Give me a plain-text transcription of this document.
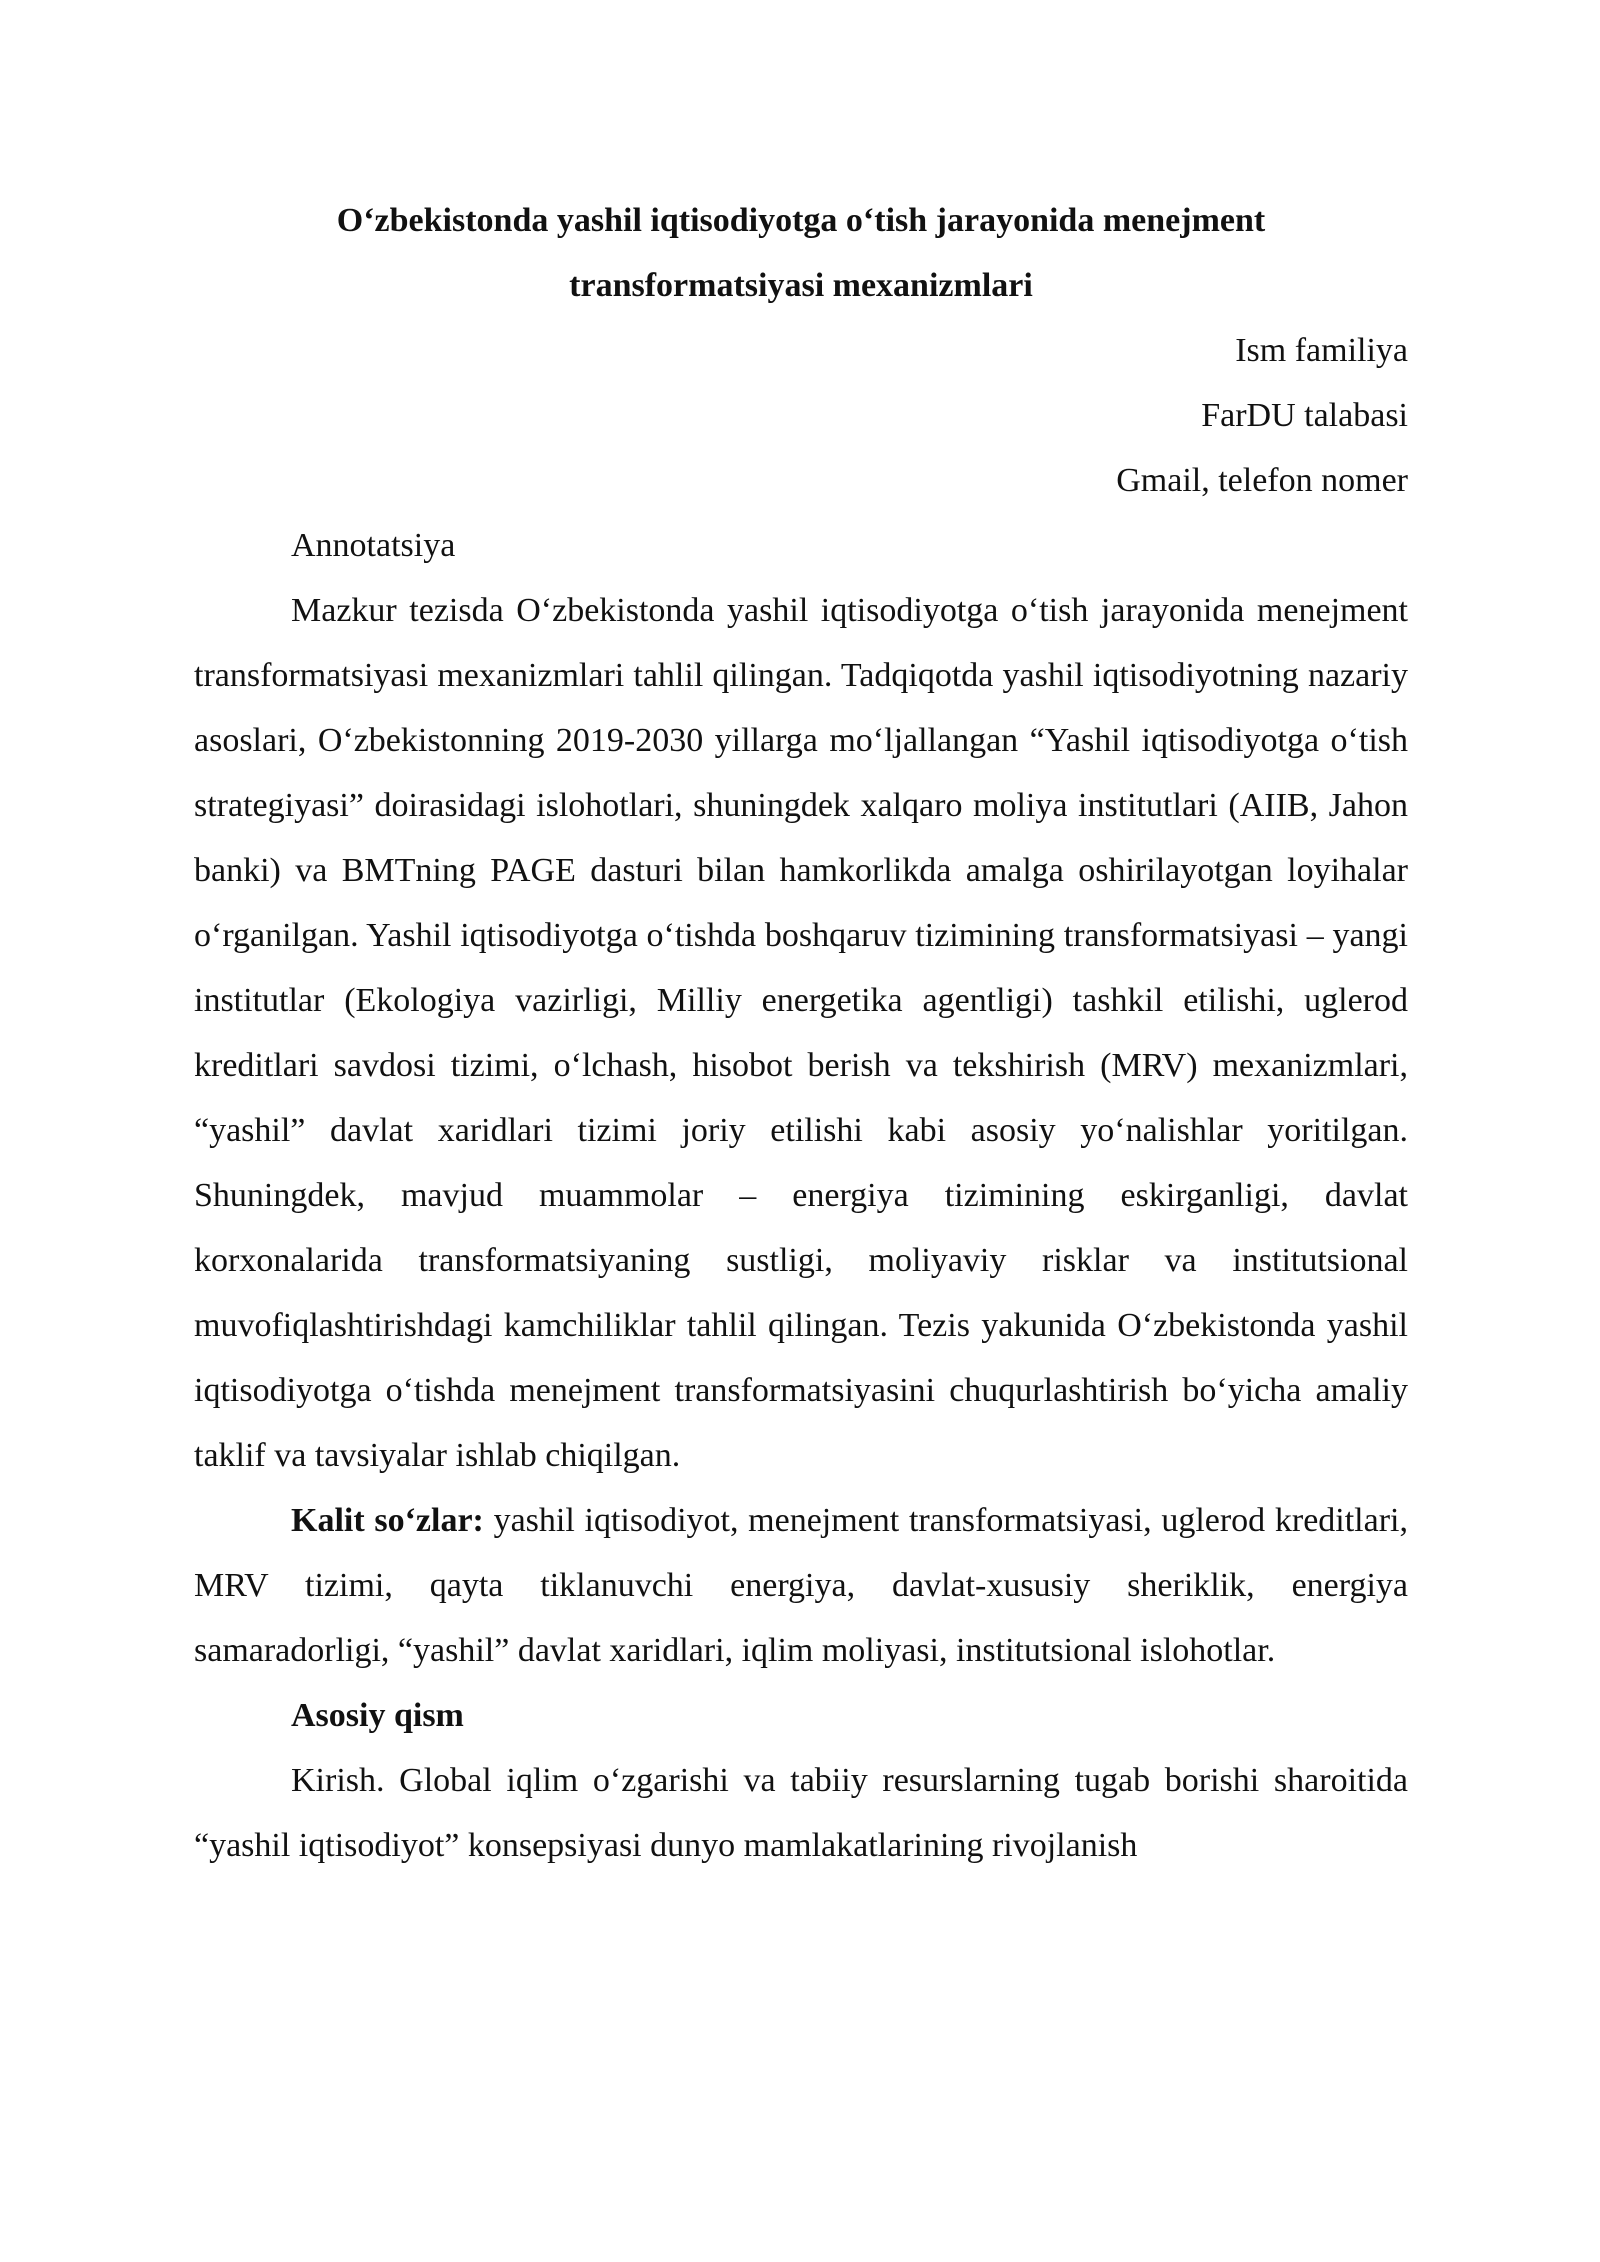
O‘zbekistonda yashil iqtisodiyotga o‘tish jarayonida menejment transformatsiyasi mexanizmlari

Ism familiya

FarDU talabasi

Gmail, telefon nomer

Annotatsiya

Mazkur tezisda O‘zbekistonda yashil iqtisodiyotga o‘tish jarayonida menejment transformatsiyasi mexanizmlari tahlil qilingan. Tadqiqotda yashil iqtisodiyotning nazariy asoslari, O‘zbekistonning 2019-2030 yillarga mo‘ljallangan “Yashil iqtisodiyotga o‘tish strategiyasi” doirasidagi islohotlari, shuningdek xalqaro moliya institutlari (AIIB, Jahon banki) va BMTning PAGE dasturi bilan hamkorlikda amalga oshirilayotgan loyihalar o‘rganilgan. Yashil iqtisodiyotga o‘tishda boshqaruv tizimining transformatsiyasi – yangi institutlar (Ekologiya vazirligi, Milliy energetika agentligi) tashkil etilishi, uglerod kreditlari savdosi tizimi, o‘lchash, hisobot berish va tekshirish (MRV) mexanizmlari, “yashil” davlat xaridlari tizimi joriy etilishi kabi asosiy yo‘nalishlar yoritilgan. Shuningdek, mavjud muammolar – energiya tizimining eskirganligi, davlat korxonalarida transformatsiyaning sustligi, moliyaviy risklar va institutsional muvofiqlashtirishdagi kamchiliklar tahlil qilingan. Tezis yakunida O‘zbekistonda yashil iqtisodiyotga o‘tishda menejment transformatsiyasini chuqurlashtirish bo‘yicha amaliy taklif va tavsiyalar ishlab chiqilgan.

Kalit so‘zlar: yashil iqtisodiyot, menejment transformatsiyasi, uglerod kreditlari, MRV tizimi, qayta tiklanuvchi energiya, davlat-xususiy sheriklik, energiya samaradorligi, “yashil” davlat xaridlari, iqlim moliyasi, institutsional islohotlar.

Asosiy qism

Kirish. Global iqlim o‘zgarishi va tabiiy resurslarning tugab borishi sharoitida “yashil iqtisodiyot” konsepsiyasi dunyo mamlakatlarining rivojlanish
